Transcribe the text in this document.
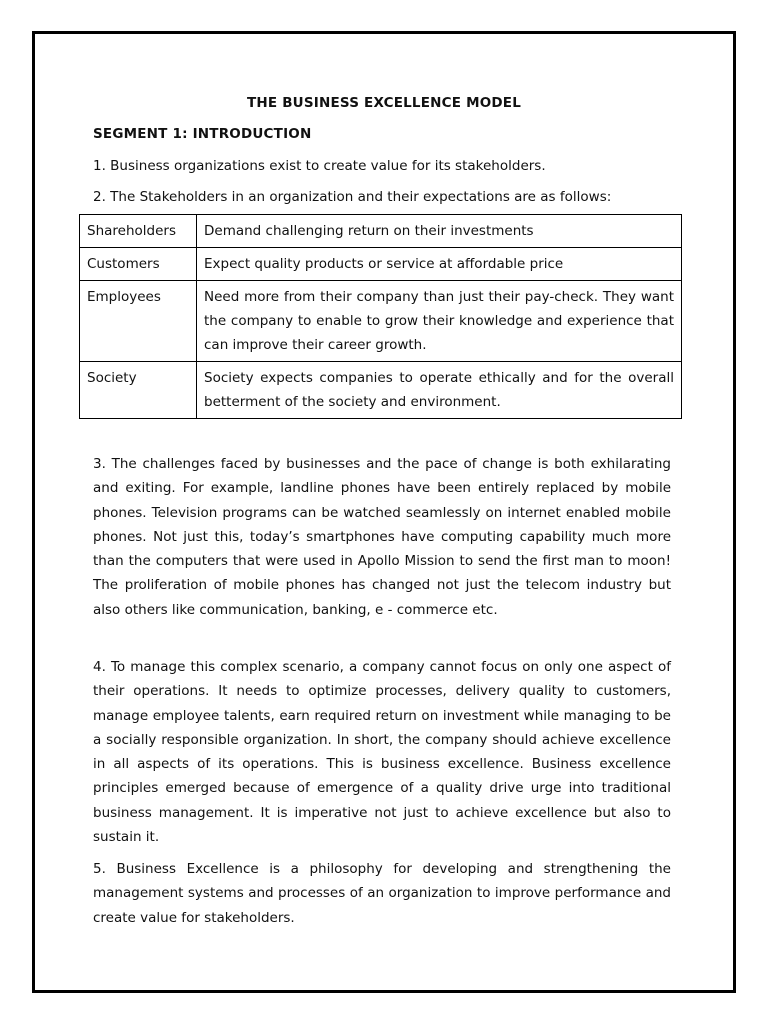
THE BUSINESS EXCELLENCE MODEL
SEGMENT 1: INTRODUCTION
1. Business organizations exist to create value for its stakeholders.
2. The Stakeholders in an organization and their expectations are as follows:
Shareholders	Demand challenging return on their investments
Customers	Expect quality products or service at affordable price
Employees	Need more from their company than just their pay-check. They want the company to enable to grow their knowledge and experience that can improve their career growth.
Society	Society expects companies to operate ethically and for the overall betterment of the society and environment.

3. The challenges faced by businesses and the pace of change is both exhilarating and exiting. For example, landline phones have been entirely replaced by mobile phones. Television programs can be watched seamlessly on internet enabled mobile phones. Not just this, today’s smartphones have computing capability much more than the computers that were used in Apollo Mission to send the first man to moon! The proliferation of mobile phones has changed not just the telecom industry but also others like communication, banking, e - commerce etc.

4. To manage this complex scenario, a company cannot focus on only one aspect of their operations. It needs to optimize processes, delivery quality to customers, manage employee talents, earn required return on investment while managing to be a socially responsible organization. In short, the company should achieve excellence in all aspects of its operations. This is business excellence. Business excellence principles emerged because of emergence of a quality drive urge into traditional business management. It is imperative not just to achieve excellence but also to sustain it.

5. Business Excellence is a philosophy for developing and strengthening the management systems and processes of an organization to improve performance and create value for stakeholders.
